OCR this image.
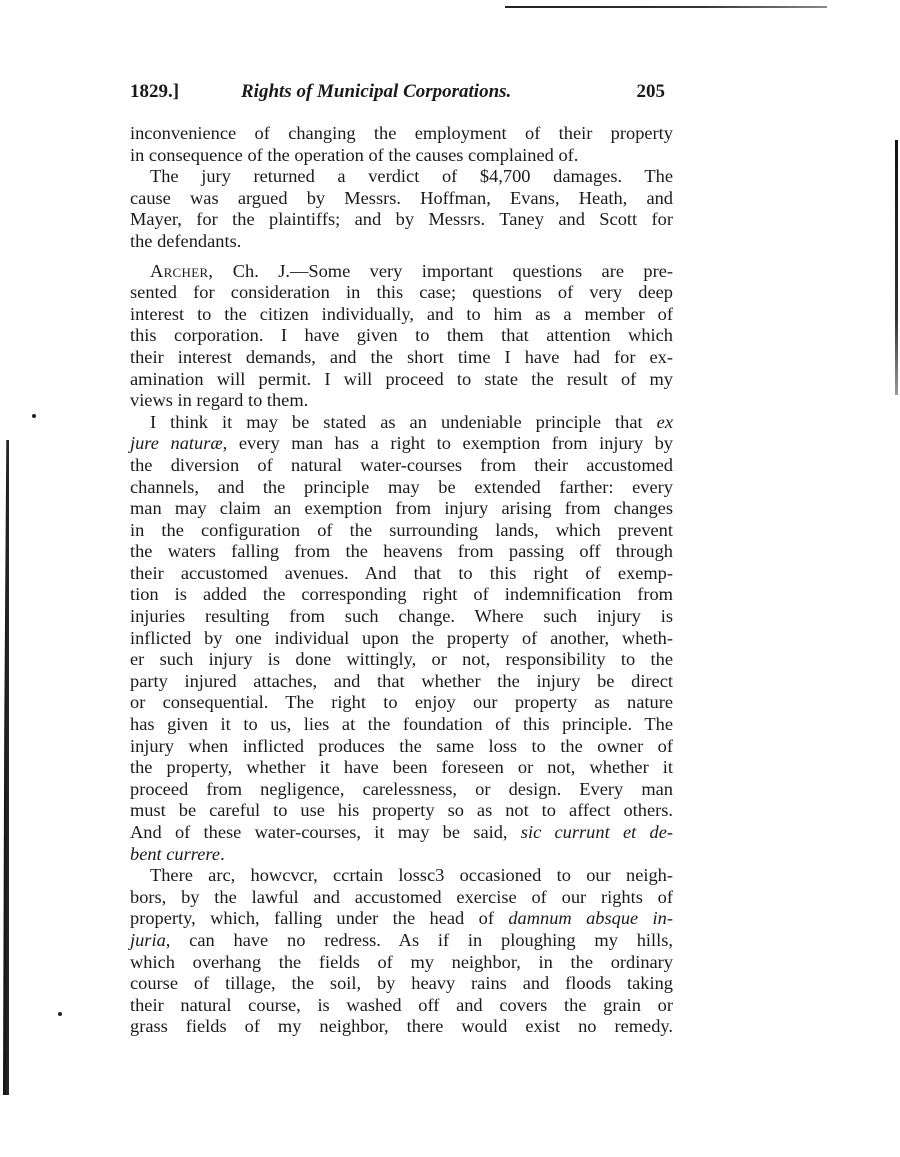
1829.]	Rights of Municipal Corporations.	205
inconvenience of changing the employment of their property
in consequence of the operation of the causes complained of.
The jury returned a verdict of $4,700 damages. The
cause was argued by Messrs. Hoffman, Evans, Heath, and
Mayer, for the plaintiffs; and by Messrs. Taney and Scott for
the defendants.
Archer, Ch. J.—Some very important questions are pre-
sented for consideration in this case; questions of very deep
interest to the citizen individually, and to him as a member of
this corporation. I have given to them that attention which
their interest demands, and the short time I have had for ex-
amination will permit. I will proceed to state the result of my
views in regard to them.
I think it may be stated as an undeniable principle that ex
jure naturæ, every man has a right to exemption from injury by
the diversion of natural water-courses from their accustomed
channels, and the principle may be extended farther: every
man may claim an exemption from injury arising from changes
in the configuration of the surrounding lands, which prevent
the waters falling from the heavens from passing off through
their accustomed avenues. And that to this right of exemp-
tion is added the corresponding right of indemnification from
injuries resulting from such change. Where such injury is
inflicted by one individual upon the property of another, wheth-
er such injury is done wittingly, or not, responsibility to the
party injured attaches, and that whether the injury be direct
or consequential. The right to enjoy our property as nature
has given it to us, lies at the foundation of this principle. The
injury when inflicted produces the same loss to the owner of
the property, whether it have been foreseen or not, whether it
proceed from negligence, carelessness, or design. Every man
must be careful to use his property so as not to affect others.
And of these water-courses, it may be said, sic currunt et de-
bent currere.
There arc, howcvcr, ccrtain lossc3 occasioned to our neigh-
bors, by the lawful and accustomed exercise of our rights of
property, which, falling under the head of damnum absque in-
juria, can have no redress. As if in ploughing my hills,
which overhang the fields of my neighbor, in the ordinary
course of tillage, the soil, by heavy rains and floods taking
their natural course, is washed off and covers the grain or
grass fields of my neighbor, there would exist no remedy.
